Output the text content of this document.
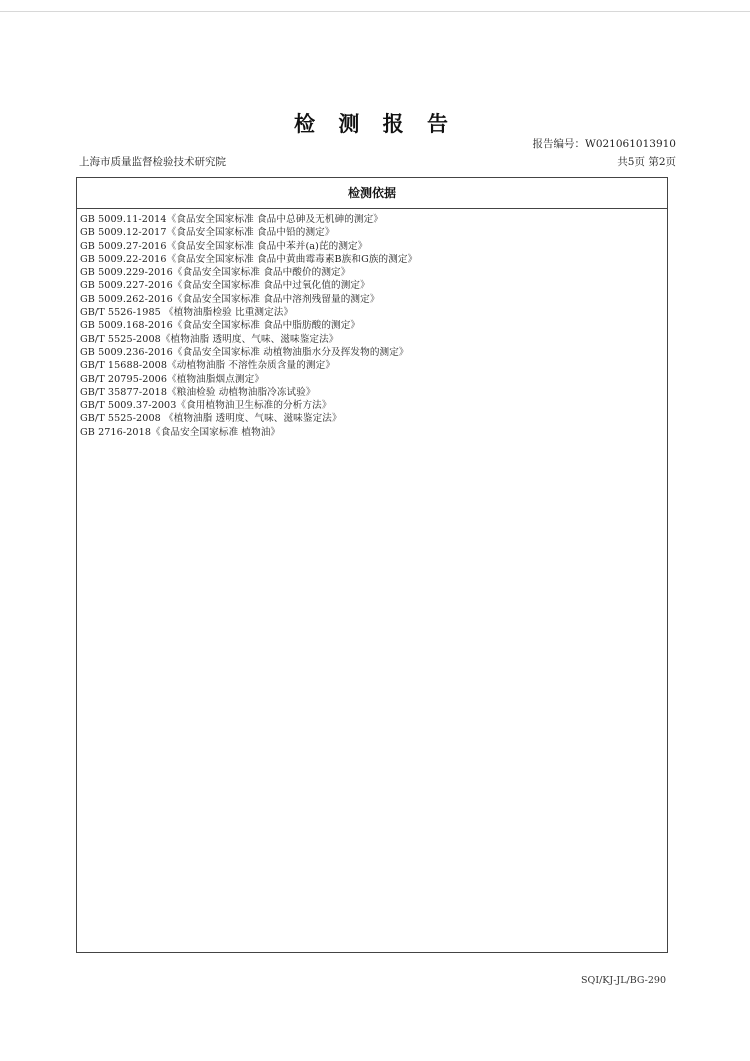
检 测 报 告
报告编号：W021061013910
上海市质量监督检验技术研究院	共5页 第2页
检测依据
GB 5009.11-2014《食品安全国家标准 食品中总砷及无机砷的测定》
GB 5009.12-2017《食品安全国家标准 食品中铅的测定》
GB 5009.27-2016《食品安全国家标准 食品中苯并(a)芘的测定》
GB 5009.22-2016《食品安全国家标准 食品中黄曲霉毒素B族和G族的测定》
GB 5009.229-2016《食品安全国家标准 食品中酸价的测定》
GB 5009.227-2016《食品安全国家标准 食品中过氧化值的测定》
GB 5009.262-2016《食品安全国家标准 食品中溶剂残留量的测定》
GB/T 5526-1985 《植物油脂检验 比重测定法》
GB 5009.168-2016《食品安全国家标准 食品中脂肪酸的测定》
GB/T 5525-2008《植物油脂 透明度、气味、滋味鉴定法》
GB 5009.236-2016《食品安全国家标准 动植物油脂水分及挥发物的测定》
GB/T 15688-2008《动植物油脂 不溶性杂质含量的测定》
GB/T 20795-2006《植物油脂烟点测定》
GB/T 35877-2018《粮油检验 动植物油脂冷冻试验》
GB/T 5009.37-2003《食用植物油卫生标准的分析方法》
GB/T 5525-2008 《植物油脂 透明度、气味、滋味鉴定法》
GB 2716-2018《食品安全国家标准 植物油》
SQI/KJ-JL/BG-290
